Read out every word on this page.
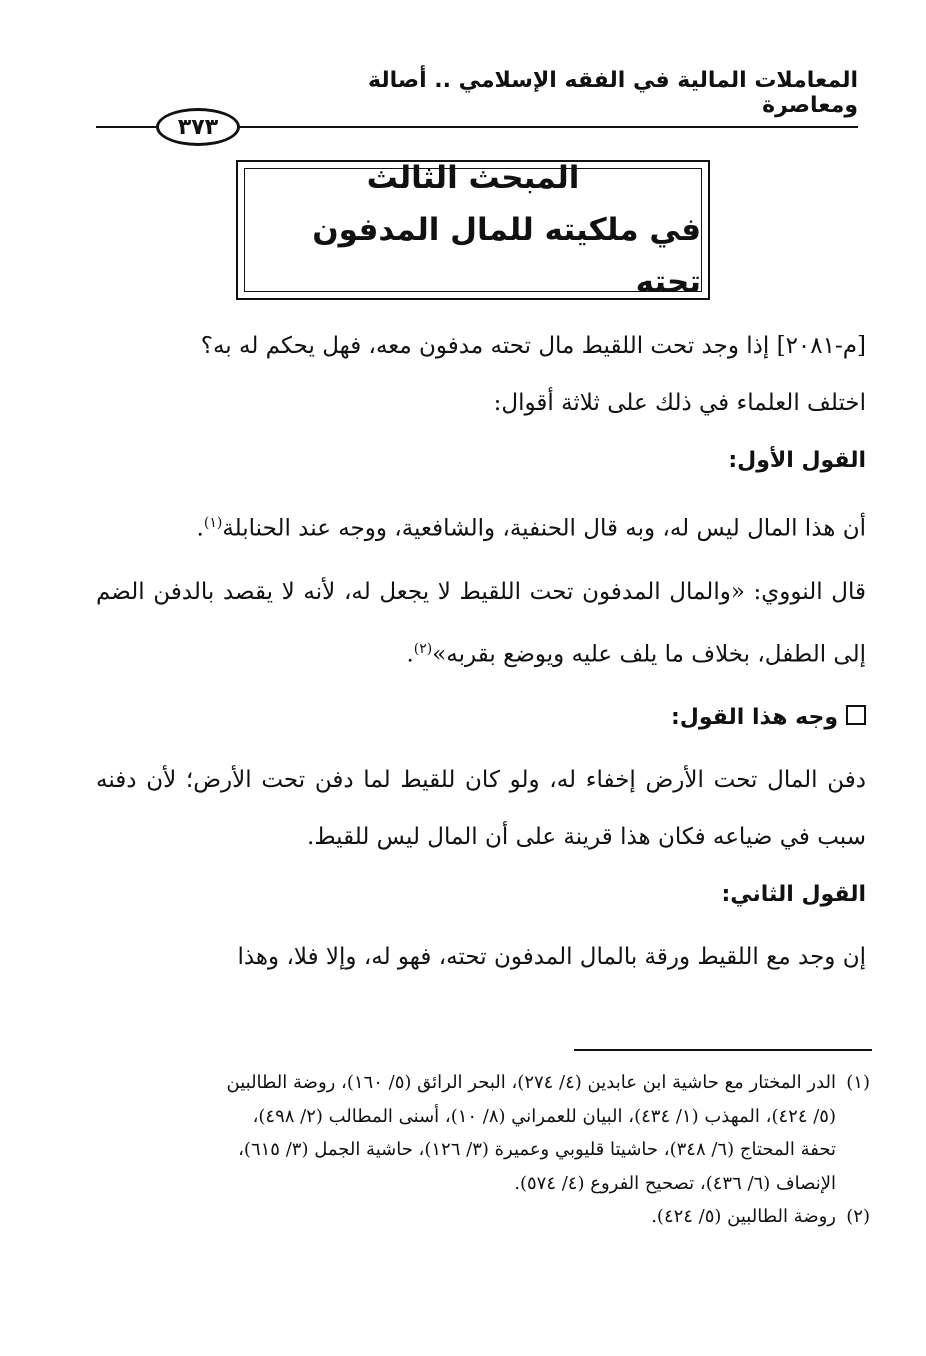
المعاملات المالية في الفقه الإسلامي .. أصالة ومعاصرة
٣٧٣
المبحث الثالث
في ملكيته للمال المدفون تحته

[م-٢٠٨١] إذا وجد تحت اللقيط مال تحته مدفون معه، فهل يحكم له به؟

اختلف العلماء في ذلك على ثلاثة أقوال:

القول الأول:

أن هذا المال ليس له، وبه قال الحنفية، والشافعية، ووجه عند الحنابلة$^{(١)}$.

قال النووي: «والمال المدفون تحت اللقيط لا يجعل له، لأنه لا يقصد بالدفن الضم إلى الطفل، بخلاف ما يلف عليه ويوضع بقربه»$^{(٢)}$.

وجه هذا القول:

دفن المال تحت الأرض إخفاء له، ولو كان للقيط لما دفن تحت الأرض؛ لأن دفنه سبب في ضياعه فكان هذا قرينة على أن المال ليس للقيط.

القول الثاني:

إن وجد مع اللقيط ورقة بالمال المدفون تحته، فهو له، وإلا فلا، وهذا

(١)الدر المختار مع حاشية ابن عابدين (٤/ ٢٧٤)، البحر الرائق (٥/ ١٦٠)، روضة الطالبين
(٥/ ٤٢٤)، المهذب (١/ ٤٣٤)، البيان للعمراني (٨/ ١٠)، أسنى المطالب (٢/ ٤٩٨)،
تحفة المحتاج (٦/ ٣٤٨)، حاشيتا قليوبي وعميرة (٣/ ١٢٦)، حاشية الجمل (٣/ ٦١٥)،
الإنصاف (٦/ ٤٣٦)، تصحيح الفروع (٤/ ٥٧٤).
(٢)روضة الطالبين (٥/ ٤٢٤).
